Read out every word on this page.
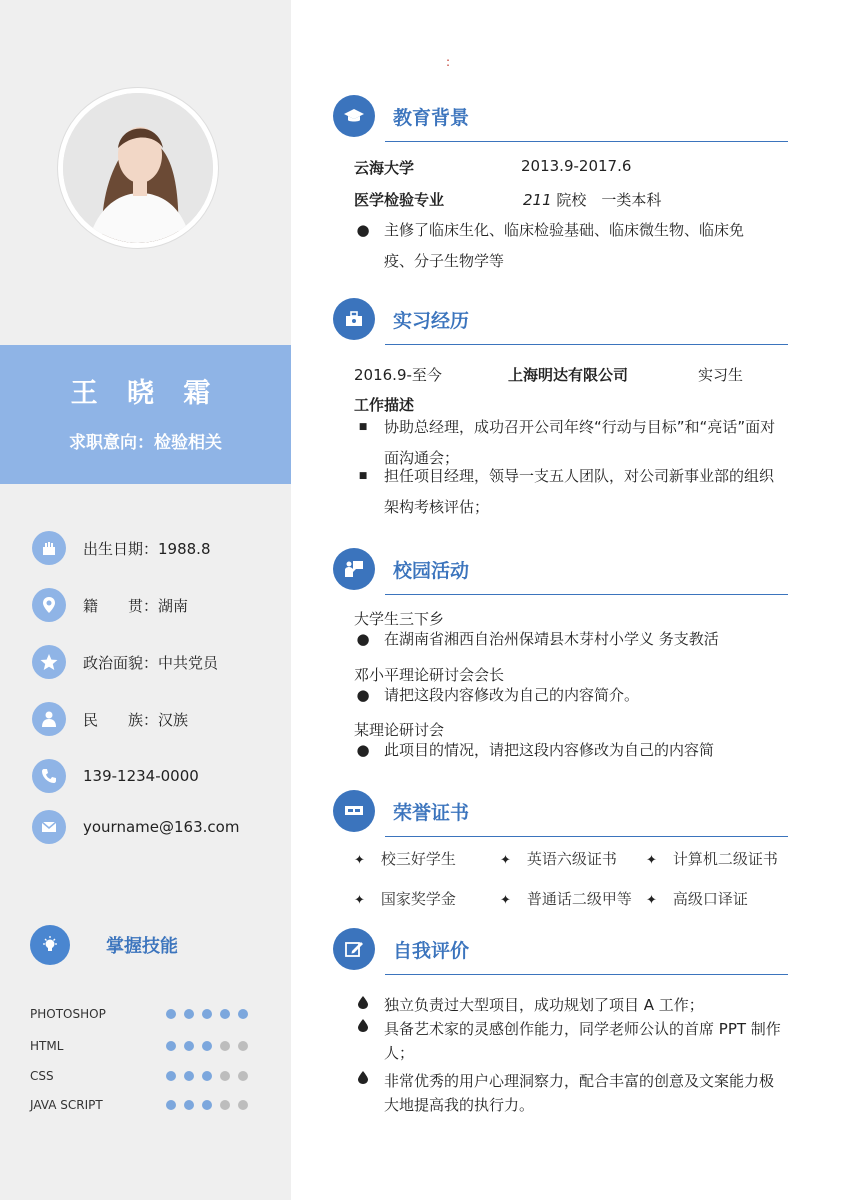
:
王 晓 霜
求职意向：检验相关
出生日期：1988.8
籍　　贯：湖南
政治面貌：中共党员
民　　族：汉族
139-1234-0000
yourname@163.com
掌握技能
PHOTOSHOP
HTML
CSS
JAVA SCRIPT
教育背景
云海大学	2013.9-2017.6
医学检验专业	211 院校　一类本科
● 主修了临床生化、临床检验基础、临床微生物、临床免疫、分子生物学等
实习经历
2016.9-至今	上海明达有限公司	实习生
工作描述
■	协助总经理，成功召开公司年终“行动与目标”和“亮话”面对面沟通会；
■	担任项目经理，领导一支五人团队，对公司新事业部的组织架构考核评估；
校园活动
大学生三下乡
● 在湖南省湘西自治州保靖县木芽村小学义 务支教活
邓小平理论研讨会会长
● 请把这段内容修改为自己的内容简介。
某理论研讨会
● 此项目的情况，请把这段内容修改为自己的内容简
荣誉证书
✦ 校三好学生	✦ 英语六级证书 ✦ 计算机二级证书
✦ 国家奖学金	✦ 普通话二级甲等 ✦ 高级口译证
自我评价
独立负责过大型项目，成功规划了项目 A 工作；
具备艺术家的灵感创作能力，同学老师公认的首席 PPT 制作人；
非常优秀的用户心理洞察力，配合丰富的创意及文案能力极大地提高我的执行力。
